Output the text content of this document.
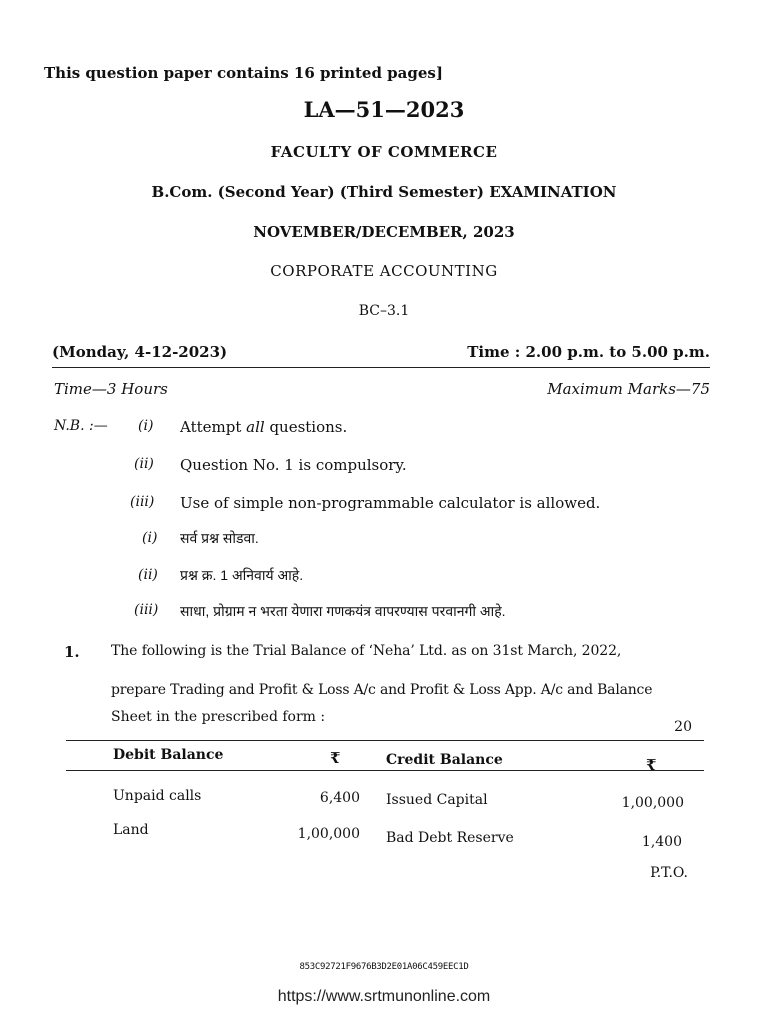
This question paper contains 16 printed pages]
LA—51—2023
FACULTY OF COMMERCE
B.Com. (Second Year) (Third Semester) EXAMINATION
NOVEMBER/DECEMBER, 2023
CORPORATE ACCOUNTING
BC–3.1
(Monday, 4-12-2023)	Time : 2.00 p.m. to 5.00 p.m.
Time—3 Hours	Maximum Marks—75
N.B. :— (i) Attempt all questions.
(ii) Question No. 1 is compulsory.
(iii) Use of simple non-programmable calculator is allowed.
(i) सर्व प्रश्न सोडवा.
(ii) प्रश्न क्र. 1 अनिवार्य आहे.
(iii) साधा, प्रोग्राम न भरता येणारा गणकयंत्र वापरण्यास परवानगी आहे.
1. The following is the Trial Balance of ‘Neha’ Ltd. as on 31st March, 2022,
prepare Trading and Profit & Loss A/c and Profit & Loss App. A/c and Balance
Sheet in the prescribed form :
20
Debit Balance	₹	Credit Balance	₹
Unpaid calls	6,400 Issued Capital	1,00,000
Land	1,00,000 Bad Debt Reserve	1,400
P.T.O.
853C92721F9676B3D2E01A06C459EEC1D
https://www.srtmunonline.com
